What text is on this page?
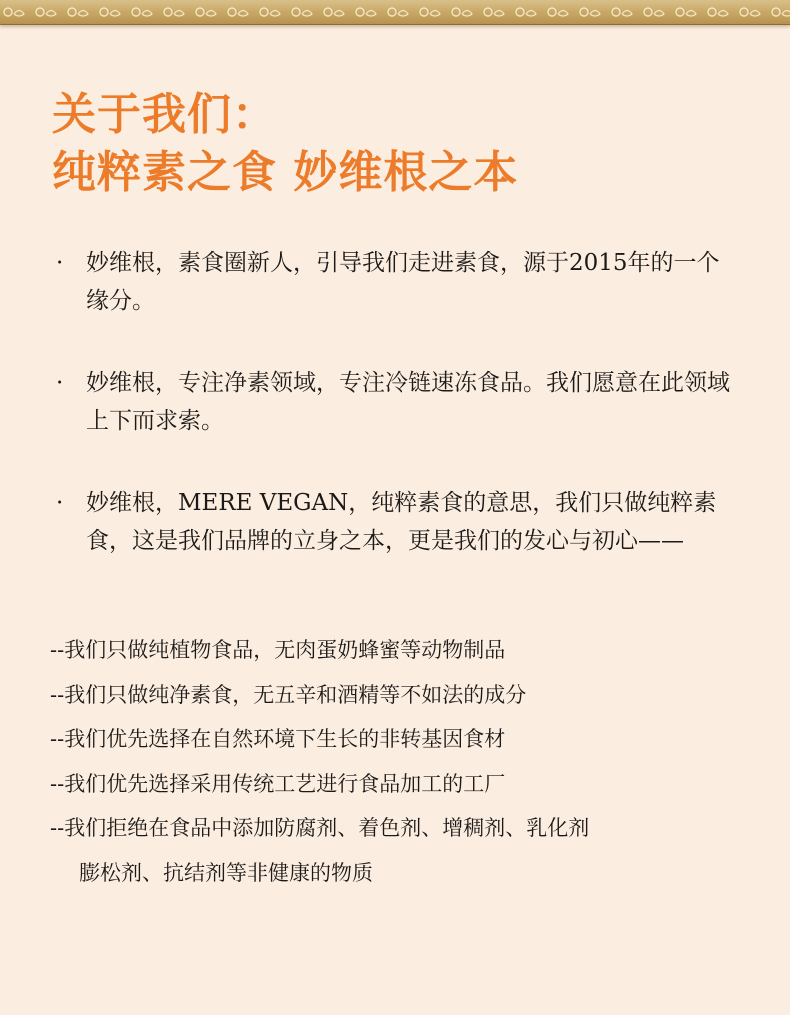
关于我们：
纯粹素之食 妙维根之本
· 妙维根，素食圈新人，引导我们走进素食，源于2015年的一个缘分。
· 妙维根，专注净素领域，专注冷链速冻食品。我们愿意在此领域上下而求索。
· 妙维根，MERE VEGAN，纯粹素食的意思，我们只做纯粹素食，这是我们品牌的立身之本，更是我们的发心与初心——
--我们只做纯植物食品，无肉蛋奶蜂蜜等动物制品
--我们只做纯净素食，无五辛和酒精等不如法的成分
--我们优先选择在自然环境下生长的非转基因食材
--我们优先选择采用传统工艺进行食品加工的工厂
--我们拒绝在食品中添加防腐剂、着色剂、增稠剂、乳化剂
膨松剂、抗结剂等非健康的物质
